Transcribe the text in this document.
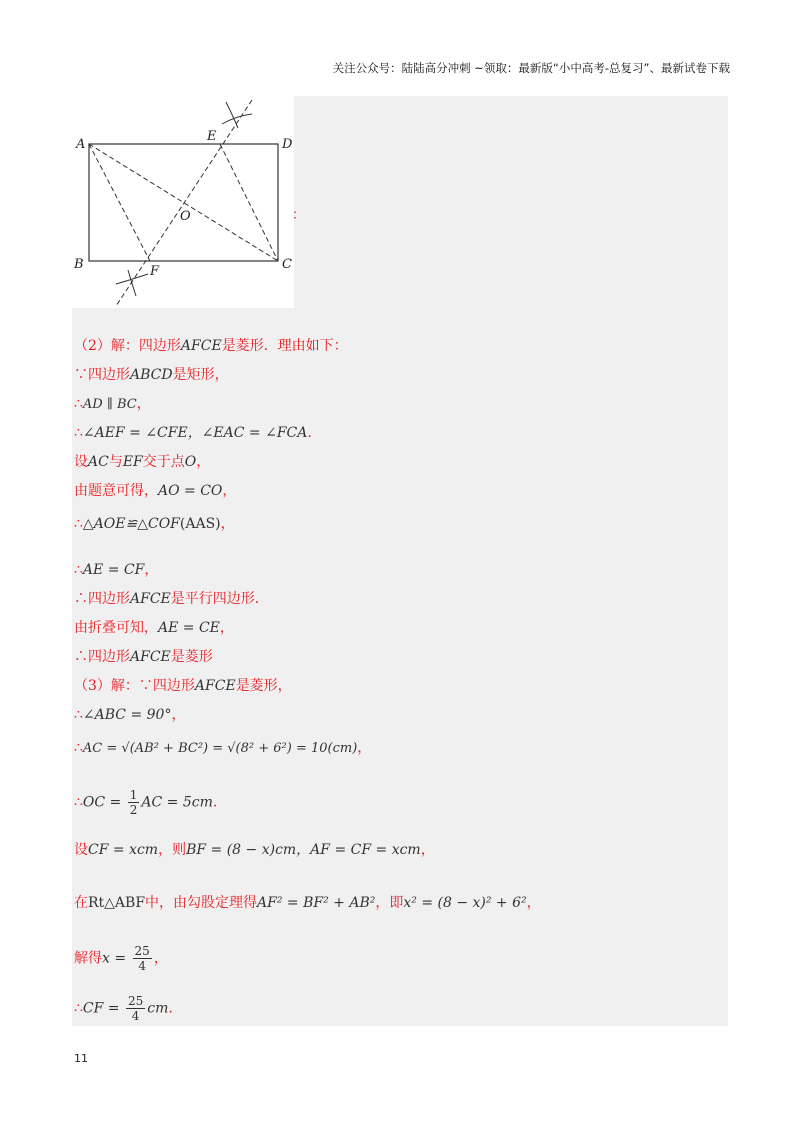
关注公众号：陆陆高分冲刺 ~领取：最新版“小中高考-总复习”、最新试卷下载
A	D
B	C
E
F
O	：
（2）解：四边形AFCE是菱形．理由如下：
∵四边形ABCD是矩形，
∴AD ∥ BC，
∴∠AEF = ∠CFE，∠EAC = ∠FCA.
设AC与EF交于点O，
由题意可得，AO = CO，
∴△AOE≌△COF(AAS)，
∴AE = CF，
∴四边形AFCE是平行四边形．
由折叠可知，AE = CE，
∴四边形AFCE是菱形
（3）解：∵四边形AFCE是菱形，
∴∠ABC = 90°，
∴AC = √(AB² + BC²) = √(8² + 6²) = 10(cm)，
∴OC = $\frac{1}{2}$ AC = 5cm.
设CF = xcm，则BF = (8 − x)cm，AF = CF = xcm，
在Rt△ABF中，由勾股定理得AF² = BF² + AB²，即x² = (8 − x)² + 6²，
解得$x = \frac{25}{4}$ ，
∴CF = $\frac{25}{4}$ cm.
11
